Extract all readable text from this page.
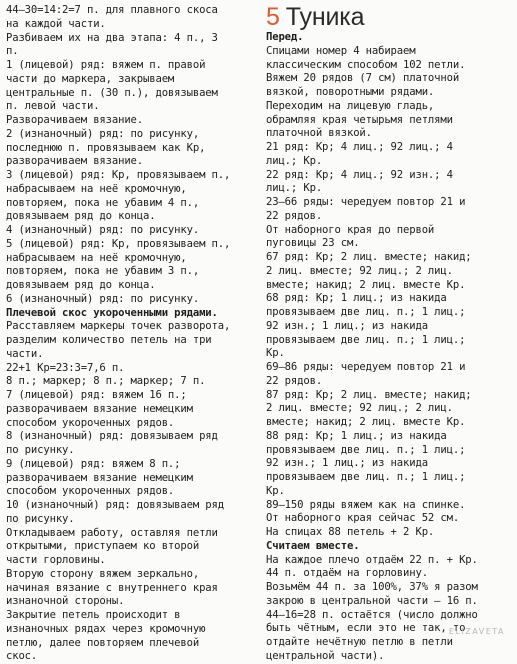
44–30=14:2=7 п. для плавного скоса
на каждой части.
Разбиваем их на два этапа: 4 п., 3
п.
1 (лицевой) ряд: вяжем п. правой
части до маркера, закрываем
центральные п. (30 п.), довязываем
п. левой части.
Разворачиваем вязание.
2 (изнаночный) ряд: по рисунку,
последнюю п. провязываем как Кр,
разворачиваем вязание.
3 (лицевой) ряд: Кр, провязываем п.,
набрасываем на неё кромочную,
повторяем, пока не убавим 4 п.,
довязываем ряд до конца.
4 (изнаночный) ряд: по рисунку.
5 (лицевой) ряд: Кр, провязываем п.,
набрасываем на неё кромочную,
повторяем, пока не убавим 3 п.,
довязываем ряд до конца.
6 (изнаночный) ряд: по рисунку.
Плечевой скос укороченными рядами.
Расставляем маркеры точек разворота,
разделим количество петель на три
части.
22+1 Кр=23:3=7,6 п.
8 п.; маркер; 8 п.; маркер; 7 п.
7 (лицевой) ряд: вяжем 16 п.;
разворачиваем вязание немецким
способом укороченных рядов.
8 (изнаночный) ряд: довязываем ряд
по рисунку.
9 (лицевой) ряд: вяжем 8 п.;
разворачиваем вязание немецким
способом укороченных рядов.
10 (изнаночный) ряд: довязываем ряд
по рисунку.
Откладываем работу, оставляя петли
открытыми, приступаем ко второй
части горловины.
Вторую сторону вяжем зеркально,
начиная вязание с внутреннего края
изнаночной стороны.
Закрытие петель происходит в
изнаночных рядах через кромочную
петлю, далее повторяем плечевой
скос.
5 Туника
Перед.
Спицами номер 4 набираем
классическим способом 102 петли.
Вяжем 20 рядов (7 см) платочной
вязкой, поворотными рядами.
Переходим на лицевую гладь,
обрамляя края четырьмя петлями
платочной вязкой.
21 ряд: Кр; 4 лиц.; 92 лиц.; 4
лиц.; Кр.
22 ряд: Кр; 4 лиц.; 92 изн.; 4
лиц.; Кр.
23–66 ряды: чередуем повтор 21 и
22 рядов.
От наборного края до первой
пуговицы 23 см.
67 ряд: Кр; 2 лиц. вместе; накид;
2 лиц. вместе; 92 лиц.; 2 лиц.
вместе; накид; 2 лиц. вместе Кр.
68 ряд: Кр; 1 лиц.; из накида
провязываем две лиц. п.; 1 лиц.;
92 изн.; 1 лиц.; из накида
провязываем две лиц. п.; 1 лиц.;
Кр.
69–86 ряды: чередуем повтор 21 и
22 рядов.
87 ряд: Кр; 2 лиц. вместе; накид;
2 лиц. вместе; 92 лиц.; 2 лиц.
вместе; накид; 2 лиц. вместе Кр.
88 ряд: Кр; 1 лиц.; из накида
провязываем две лиц. п.; 1 лиц.;
92 изн.; 1 лиц.; из накида
провязываем две лиц. п.; 1 лиц.;
Кр.
89–150 ряды вяжем как на спинке.
От наборного края сейчас 52 см.
На спицах 88 петель + 2 Кр.
Считаем вместе.
На каждое плечо отдаём 22 п. + Кр.
44 п. отдаём на горловину.
Возьмём 44 п. за 100%, 37% я разом
закрою в центральной части – 16 п.
44–16=28 п. остаётся (число должно
быть чётным, если это не так, то
отдайте нечётную петлю в петли
центральной части).
ELIZAVETA
